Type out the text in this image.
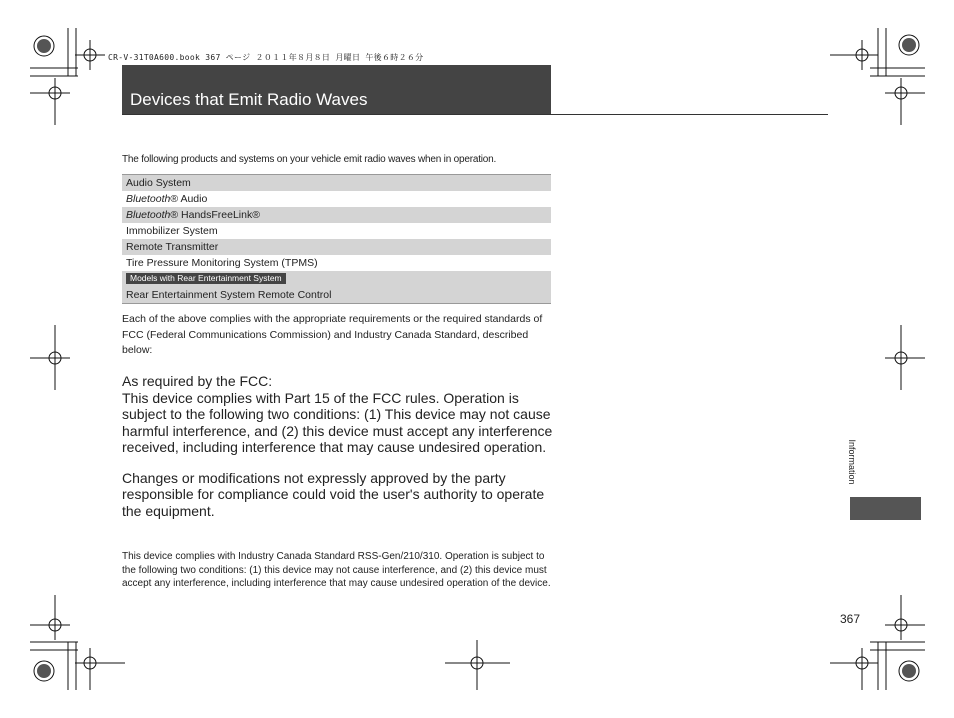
CR-V-31T0A600.book 367 ページ ２０１１年８月８日 月曜日 午後６時２６分
Devices that Emit Radio Waves
The following products and systems on your vehicle emit radio waves when in operation.
Audio System
Bluetooth® Audio
Bluetooth® HandsFreeLink®
Immobilizer System
Remote Transmitter
Tire Pressure Monitoring System (TPMS)
Models with Rear Entertainment System
Rear Entertainment System Remote Control
Each of the above complies with the appropriate requirements or the required standards of FCC (Federal Communications Commission) and Industry Canada Standard, described below:

As required by the FCC:
This device complies with Part 15 of the FCC rules. Operation is subject to the following two conditions: (1) This device may not cause harmful interference, and (2) this device must accept any interference received, including interference that may cause undesired operation.

Changes or modifications not expressly approved by the party responsible for compliance could void the user's authority to operate the equipment.

This device complies with Industry Canada Standard RSS-Gen/210/310. Operation is subject to the following two conditions: (1) this device may not cause interference, and (2) this device must accept any interference, including interference that may cause undesired operation of the device.
Information
367
